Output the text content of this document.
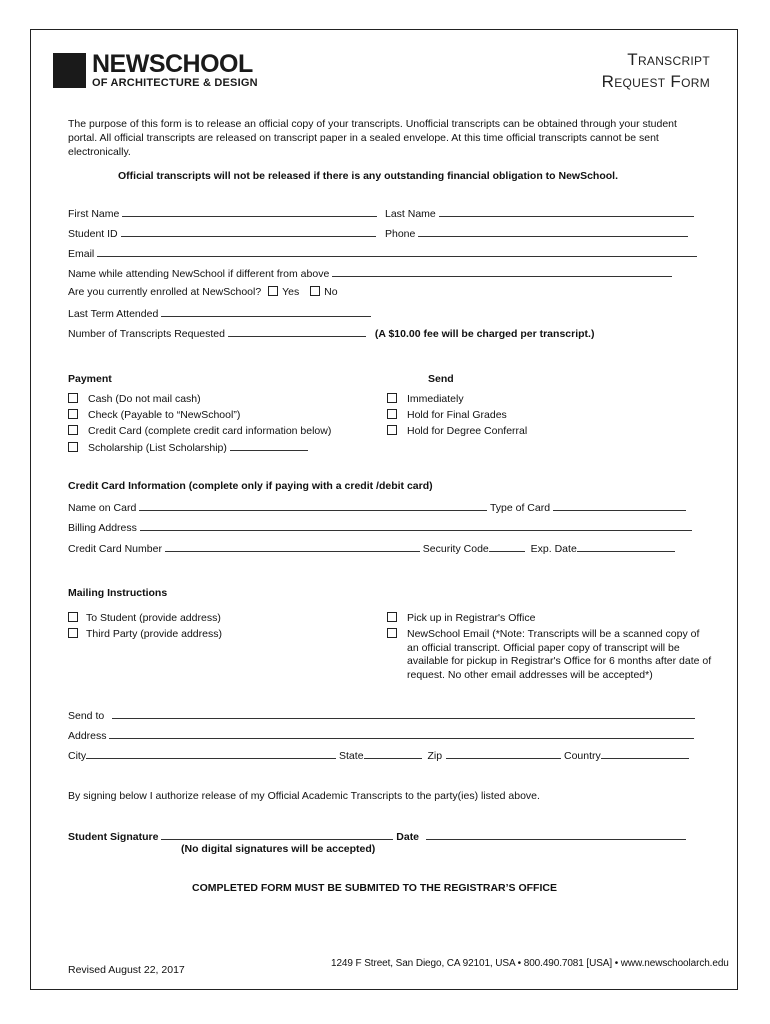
NEWSCHOOL
OF ARCHITECTURE & DESIGN
Transcript
Request Form
The purpose of this form is to release an official copy of your transcripts. Unofficial transcripts can be obtained through your student portal. All official transcripts are released on transcript paper in a sealed envelope. At this time official transcripts cannot be sent electronically.
Official transcripts will not be released if there is any outstanding financial obligation to NewSchool.
First Name	Last Name
Student ID	Phone
Email
Name while attending NewSchool if different from above
Are you currently enrolled at NewSchool? Yes No
Last Term Attended
Number of Transcripts Requested	(A $10.00 fee will be charged per transcript.)
Payment	Send
Cash (Do not mail cash)
Check (Payable to “NewSchool”)
Credit Card (complete credit card information below)
Scholarship (List Scholarship)
Immediately
Hold for Final Grades
Hold for Degree Conferral
Credit Card Information (complete only if paying with a credit /debit card)
Name on Card	Type of Card
Billing Address
Credit Card Number	Security Code	Exp. Date
Mailing Instructions
To Student (provide address)
Third Party (provide address)
Pick up in Registrar's Office
NewSchool Email (*Note: Transcripts will be a scanned copy of an official transcript. Official paper copy of transcript will be available for pickup in Registrar's Office for 6 months after date of request. No other email addresses will be accepted*)
Send to
Address
City	State	Zip	Country
By signing below I authorize release of my Official Academic Transcripts to the party(ies) listed above.
Student Signature	Date
(No digital signatures will be accepted)
COMPLETED FORM MUST BE SUBMITED TO THE REGISTRAR’S OFFICE
Revised August 22, 2017
1249 F Street, San Diego, CA 92101, USA • 800.490.7081 [USA] • www.newschoolarch.edu
